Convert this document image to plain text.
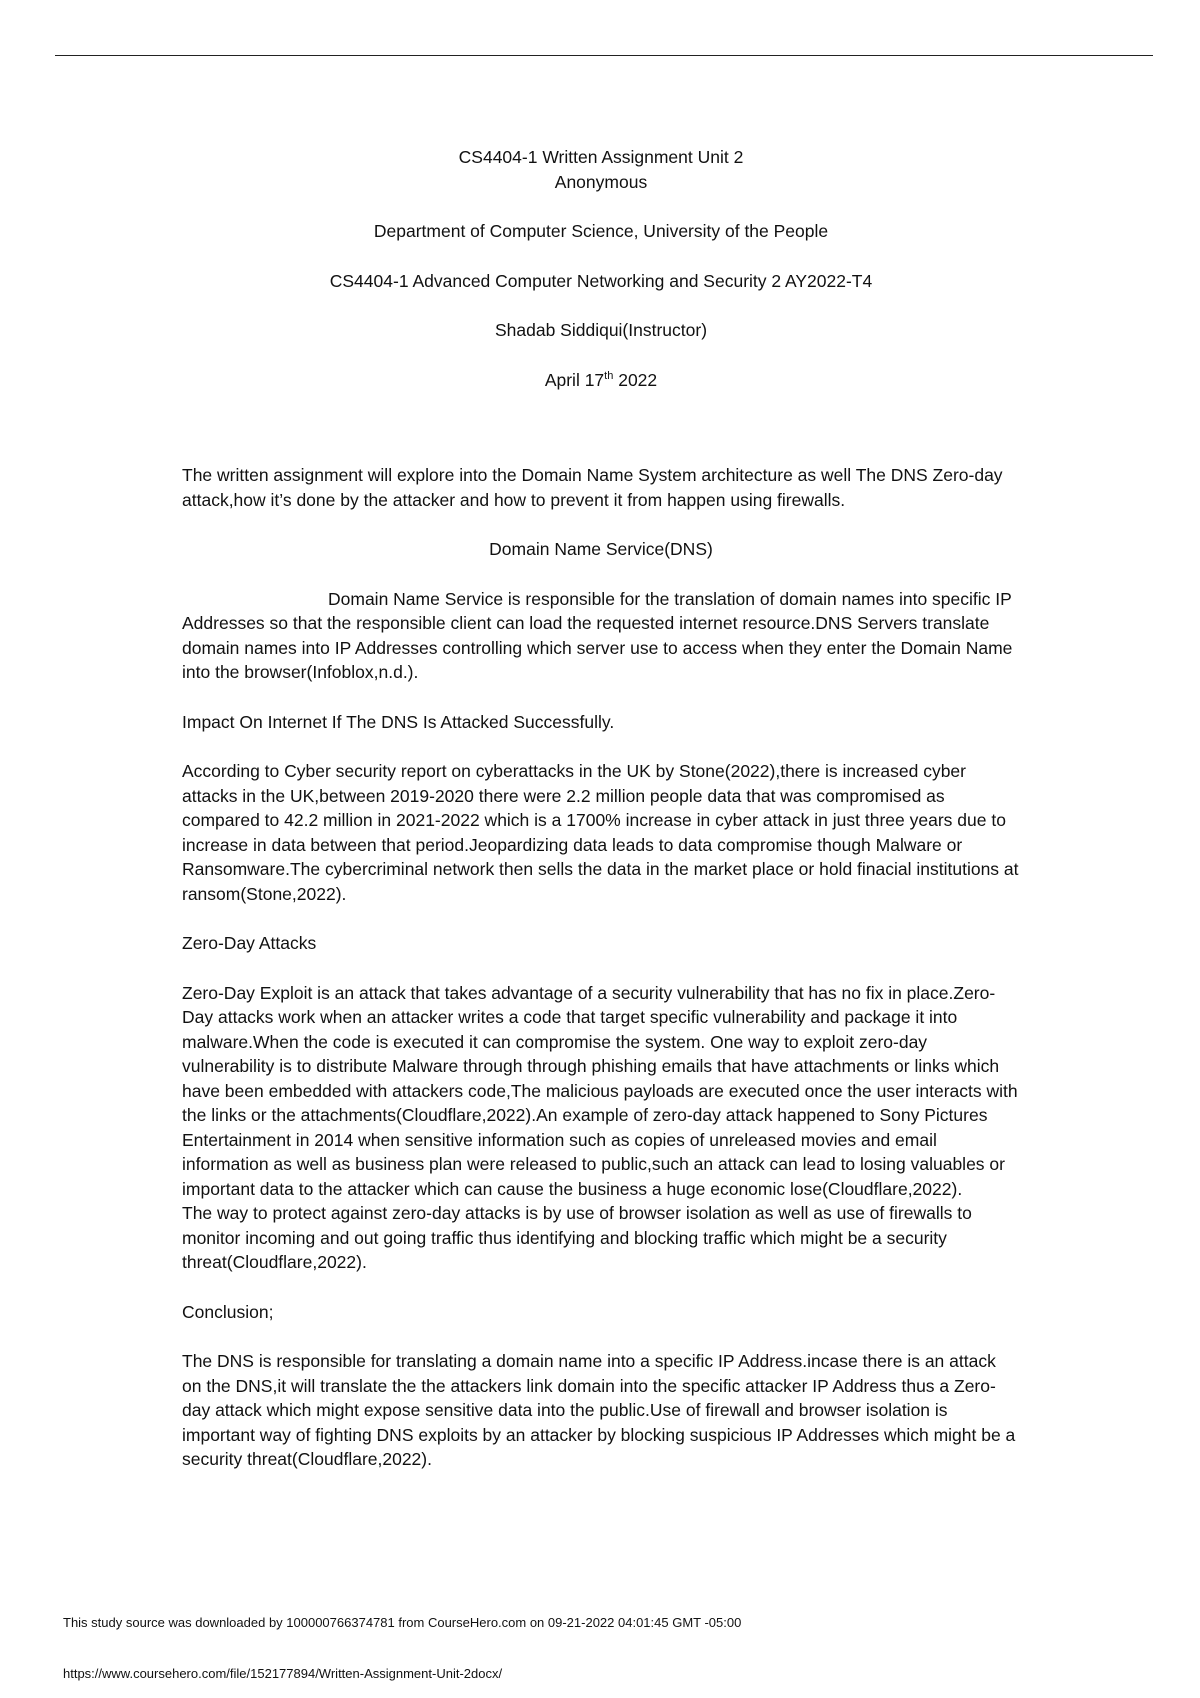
CS4404-1 Written Assignment Unit 2

Anonymous

Department of Computer Science, University of the People

CS4404-1 Advanced Computer Networking and Security 2 AY2022-T4

Shadab Siddiqui(Instructor)

April 17th 2022

The written assignment will explore into the Domain Name System architecture as well The DNS Zero-day attack,how it’s done by the attacker and how to prevent it from happen using firewalls.

Domain Name Service(DNS)

Domain Name Service is responsible for the translation of domain names into specific IP Addresses so that the responsible client can load the requested internet resource.DNS Servers translate domain names into IP Addresses controlling which server use to access when they enter the Domain Name into the browser(Infoblox,n.d.).

Impact On Internet If The DNS Is Attacked Successfully.

According to Cyber security report on cyberattacks in the UK by Stone(2022),there is increased cyber attacks in the UK,between 2019-2020 there were 2.2 million people data that was compromised as compared to 42.2 million in 2021-2022 which is a 1700% increase in cyber attack in just three years due to increase in data between that period.Jeopardizing data leads to data compromise though Malware or Ransomware.The cybercriminal network then sells the data in the market place or hold finacial institutions at ransom(Stone,2022).

Zero-Day Attacks

Zero-Day Exploit is an attack that takes advantage of a security vulnerability that has no fix in place.Zero-Day attacks work when an attacker writes a code that target specific vulnerability and package it into malware.When the code is executed it can compromise the system. One way to exploit zero-day vulnerability is to distribute Malware through through phishing emails that have attachments or links which have been embedded with attackers code,The malicious payloads are executed once the user interacts with the links or the attachments(Cloudflare,2022).An example of zero-day attack happened to Sony Pictures Entertainment in 2014 when sensitive information such as copies of unreleased movies and email information as well as business plan were released to public,such an attack can lead to losing valuables or important data to the attacker which can cause the business a huge economic lose(Cloudflare,2022).

The way to protect against zero-day attacks is by use of browser isolation as well as use of firewalls to monitor incoming and out going traffic thus identifying and blocking traffic which might be a security threat(Cloudflare,2022).

Conclusion;

The DNS is responsible for translating a domain name into a specific IP Address.incase there is an attack on the DNS,it will translate the the attackers link domain into the specific attacker IP Address thus a Zero-day attack which might expose sensitive data into the public.Use of firewall and browser isolation is important way of fighting DNS exploits by an attacker by blocking suspicious IP Addresses which might be a security threat(Cloudflare,2022).

This study source was downloaded by 100000766374781 from CourseHero.com on 09-21-2022 04:01:45 GMT -05:00
https://www.coursehero.com/file/152177894/Written-Assignment-Unit-2docx/
